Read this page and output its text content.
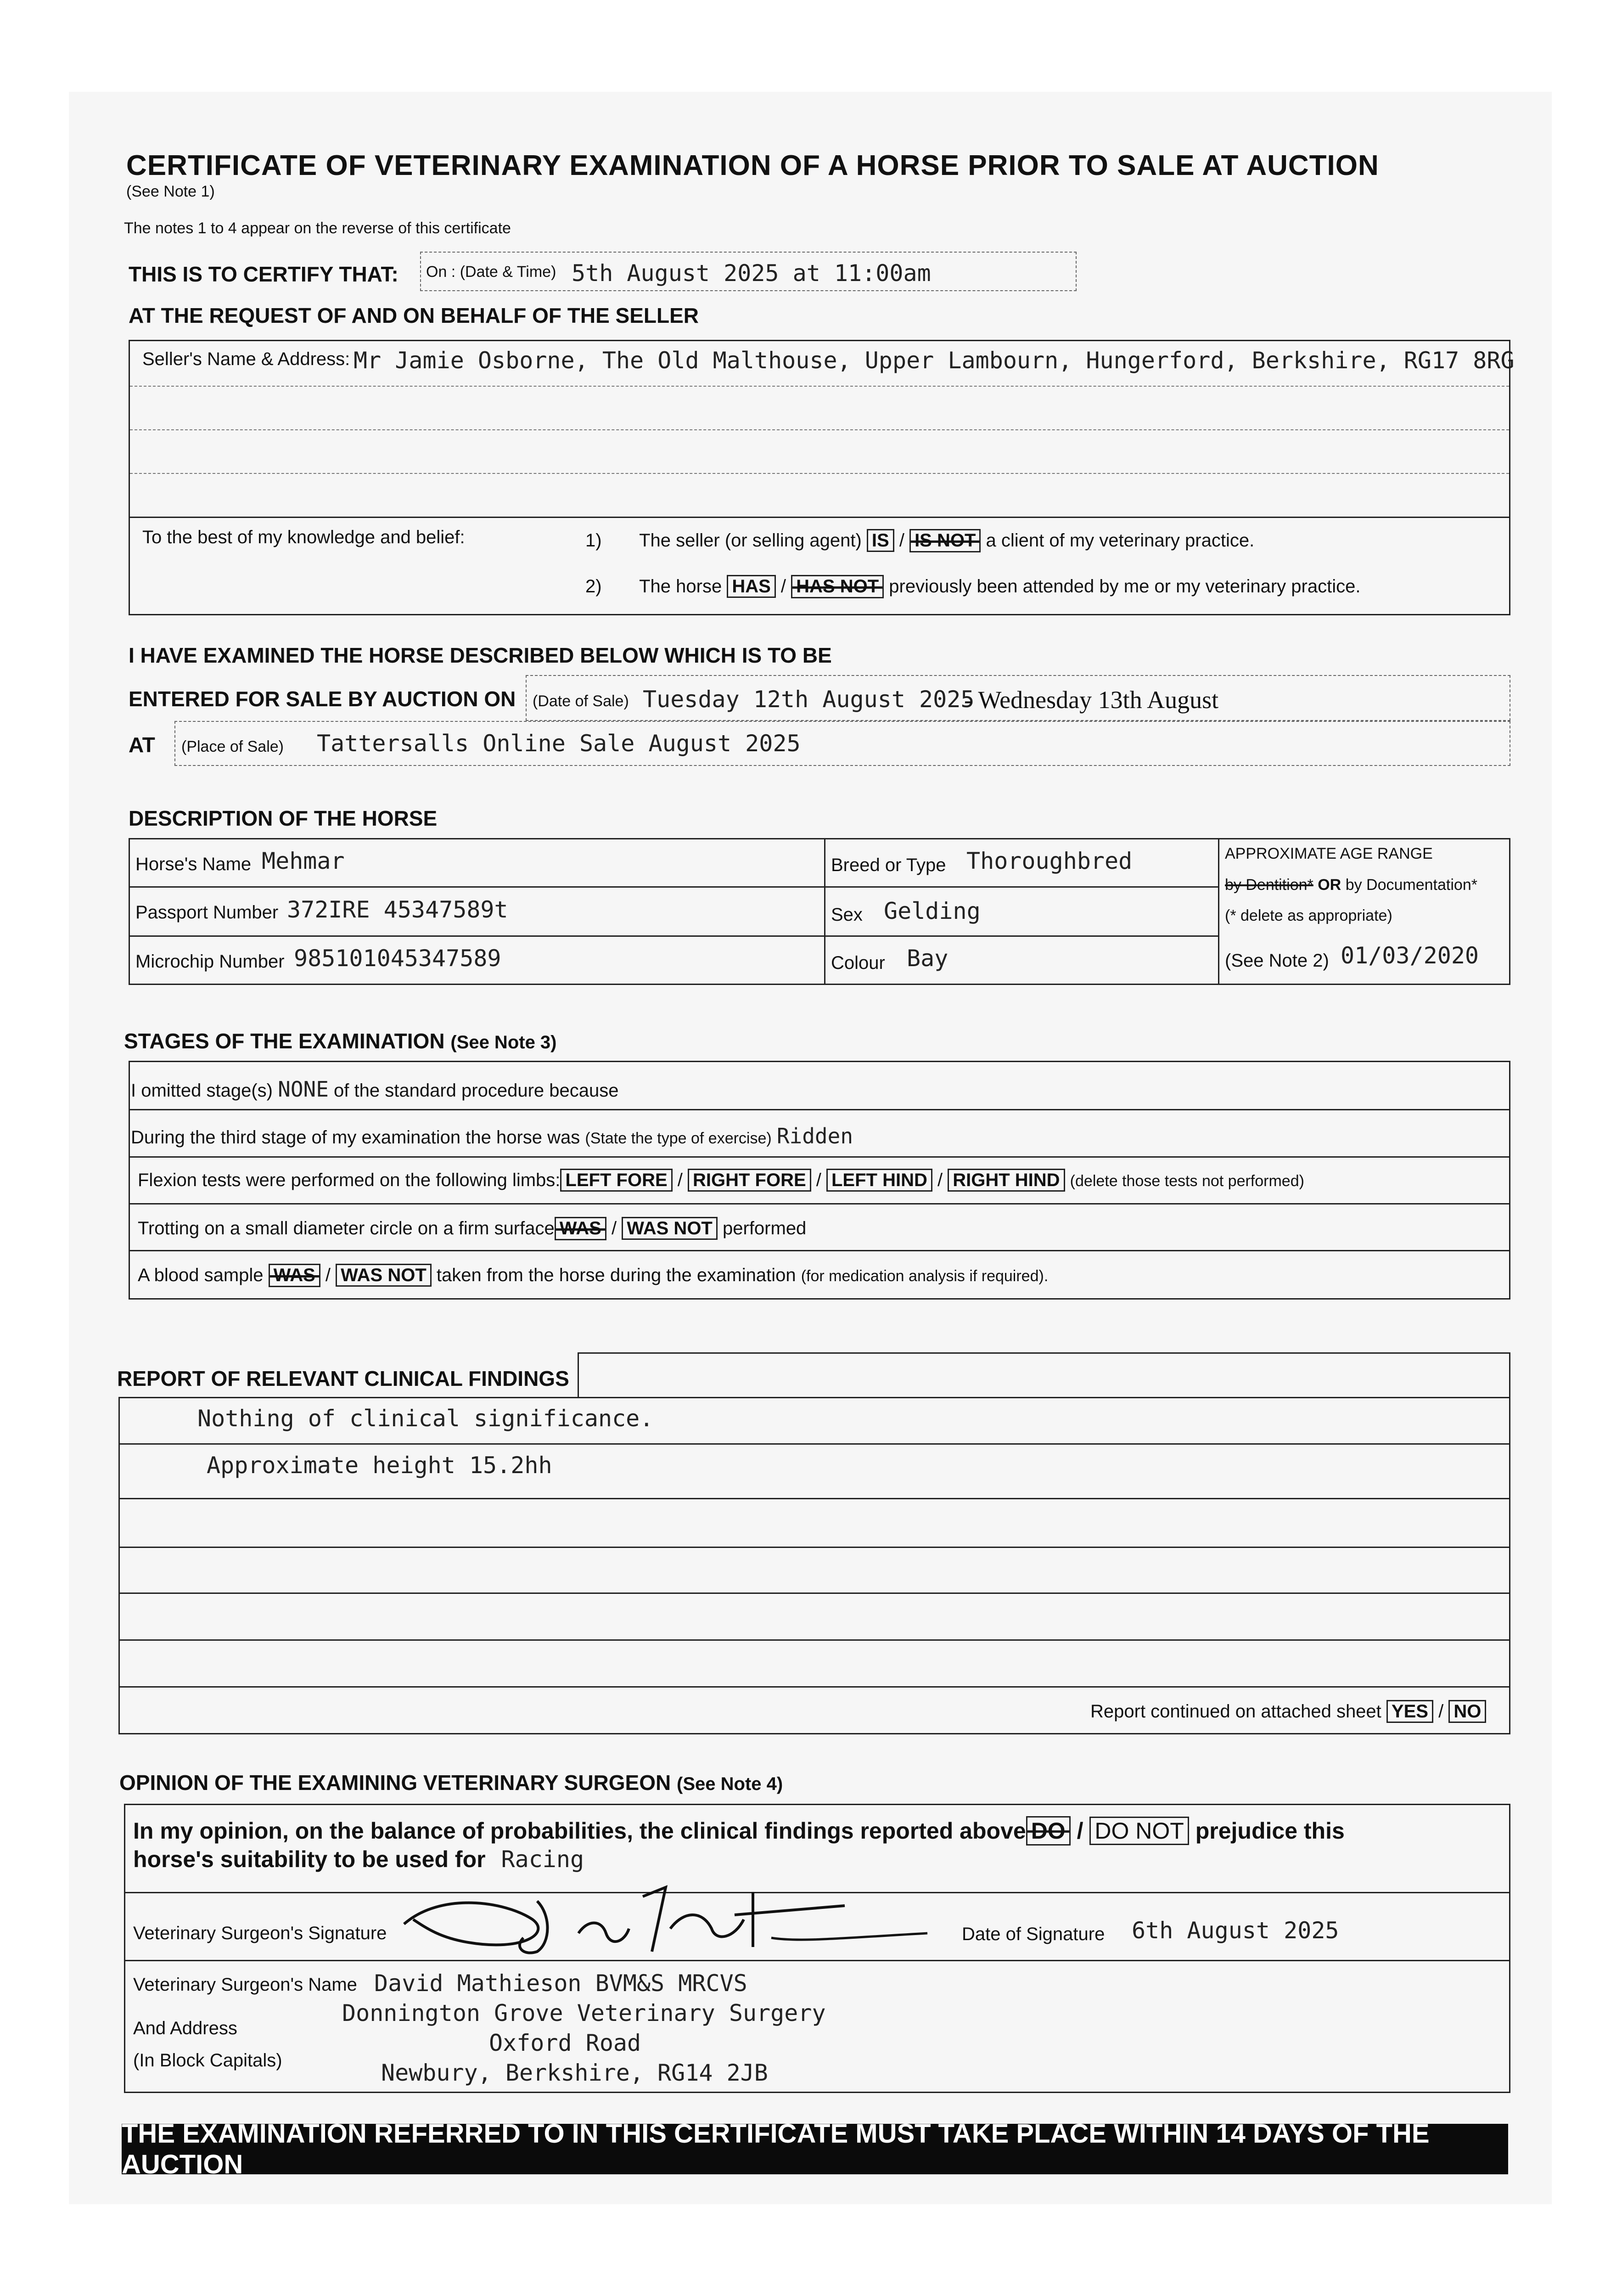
CERTIFICATE OF VETERINARY EXAMINATION OF A HORSE PRIOR TO SALE AT AUCTION
(See Note 1)
The notes 1 to 4 appear on the reverse of this certificate
THIS IS TO CERTIFY THAT: On : (Date & Time) 5th August 2025 at 11:00am
AT THE REQUEST OF AND ON BEHALF OF THE SELLER
Seller's Name & Address: Mr Jamie Osborne, The Old Malthouse, Upper Lambourn, Hungerford, Berkshire, RG17 8RG
To the best of my knowledge and belief:	1) The seller (or selling agent) IS / IS NOT a client of my veterinary practice.
2) The horse HAS / HAS NOT previously been attended by me or my veterinary practice.
I HAVE EXAMINED THE HORSE DESCRIBED BELOW WHICH IS TO BE
ENTERED FOR SALE BY AUCTION ON (Date of Sale) Tuesday 12th August 2025
- Wednesday 13th August
AT (Place of Sale) Tattersalls Online Sale August 2025
DESCRIPTION OF THE HORSE
Horse's Name Mehmar	Breed or Type Thoroughbred	APPROXIMATE AGE RANGE
by Dentition* OR by Documentation*
(* delete as appropriate)
Passport Number 372IRE 45347589t	Sex Gelding
Microchip Number 985101045347589	Colour Bay	(See Note 2) 01/03/2020
STAGES OF THE EXAMINATION (See Note 3)
I omitted stage(s) NONE of the standard procedure because
During the third stage of my examination the horse was (State the type of exercise) Ridden
Flexion tests were performed on the following limbs: LEFT FORE / RIGHT FORE / LEFT HIND / RIGHT HIND (delete those tests not performed)
Trotting on a small diameter circle on a firm surface WAS / WAS NOT performed
A blood sample WAS / WAS NOT taken from the horse during the examination (for medication analysis if required).
REPORT OF RELEVANT CLINICAL FINDINGS
Nothing of clinical significance.
Approximate height 15.2hh
Report continued on attached sheet YES / NO
OPINION OF THE EXAMINING VETERINARY SURGEON (See Note 4)
In my opinion, on the balance of probabilities, the clinical findings reported above DO / DO NOT prejudice this
horse's suitability to be used for Racing
Veterinary Surgeon's Signature	Date of Signature 6th August 2025
Veterinary Surgeon's Name David Mathieson BVM&S MRCVS
And Address
(In Block Capitals)
Donnington Grove Veterinary Surgery
Oxford Road
Newbury, Berkshire, RG14 2JB
THE EXAMINATION REFERRED TO IN THIS CERTIFICATE MUST TAKE PLACE WITHIN 14 DAYS OF THE AUCTION
